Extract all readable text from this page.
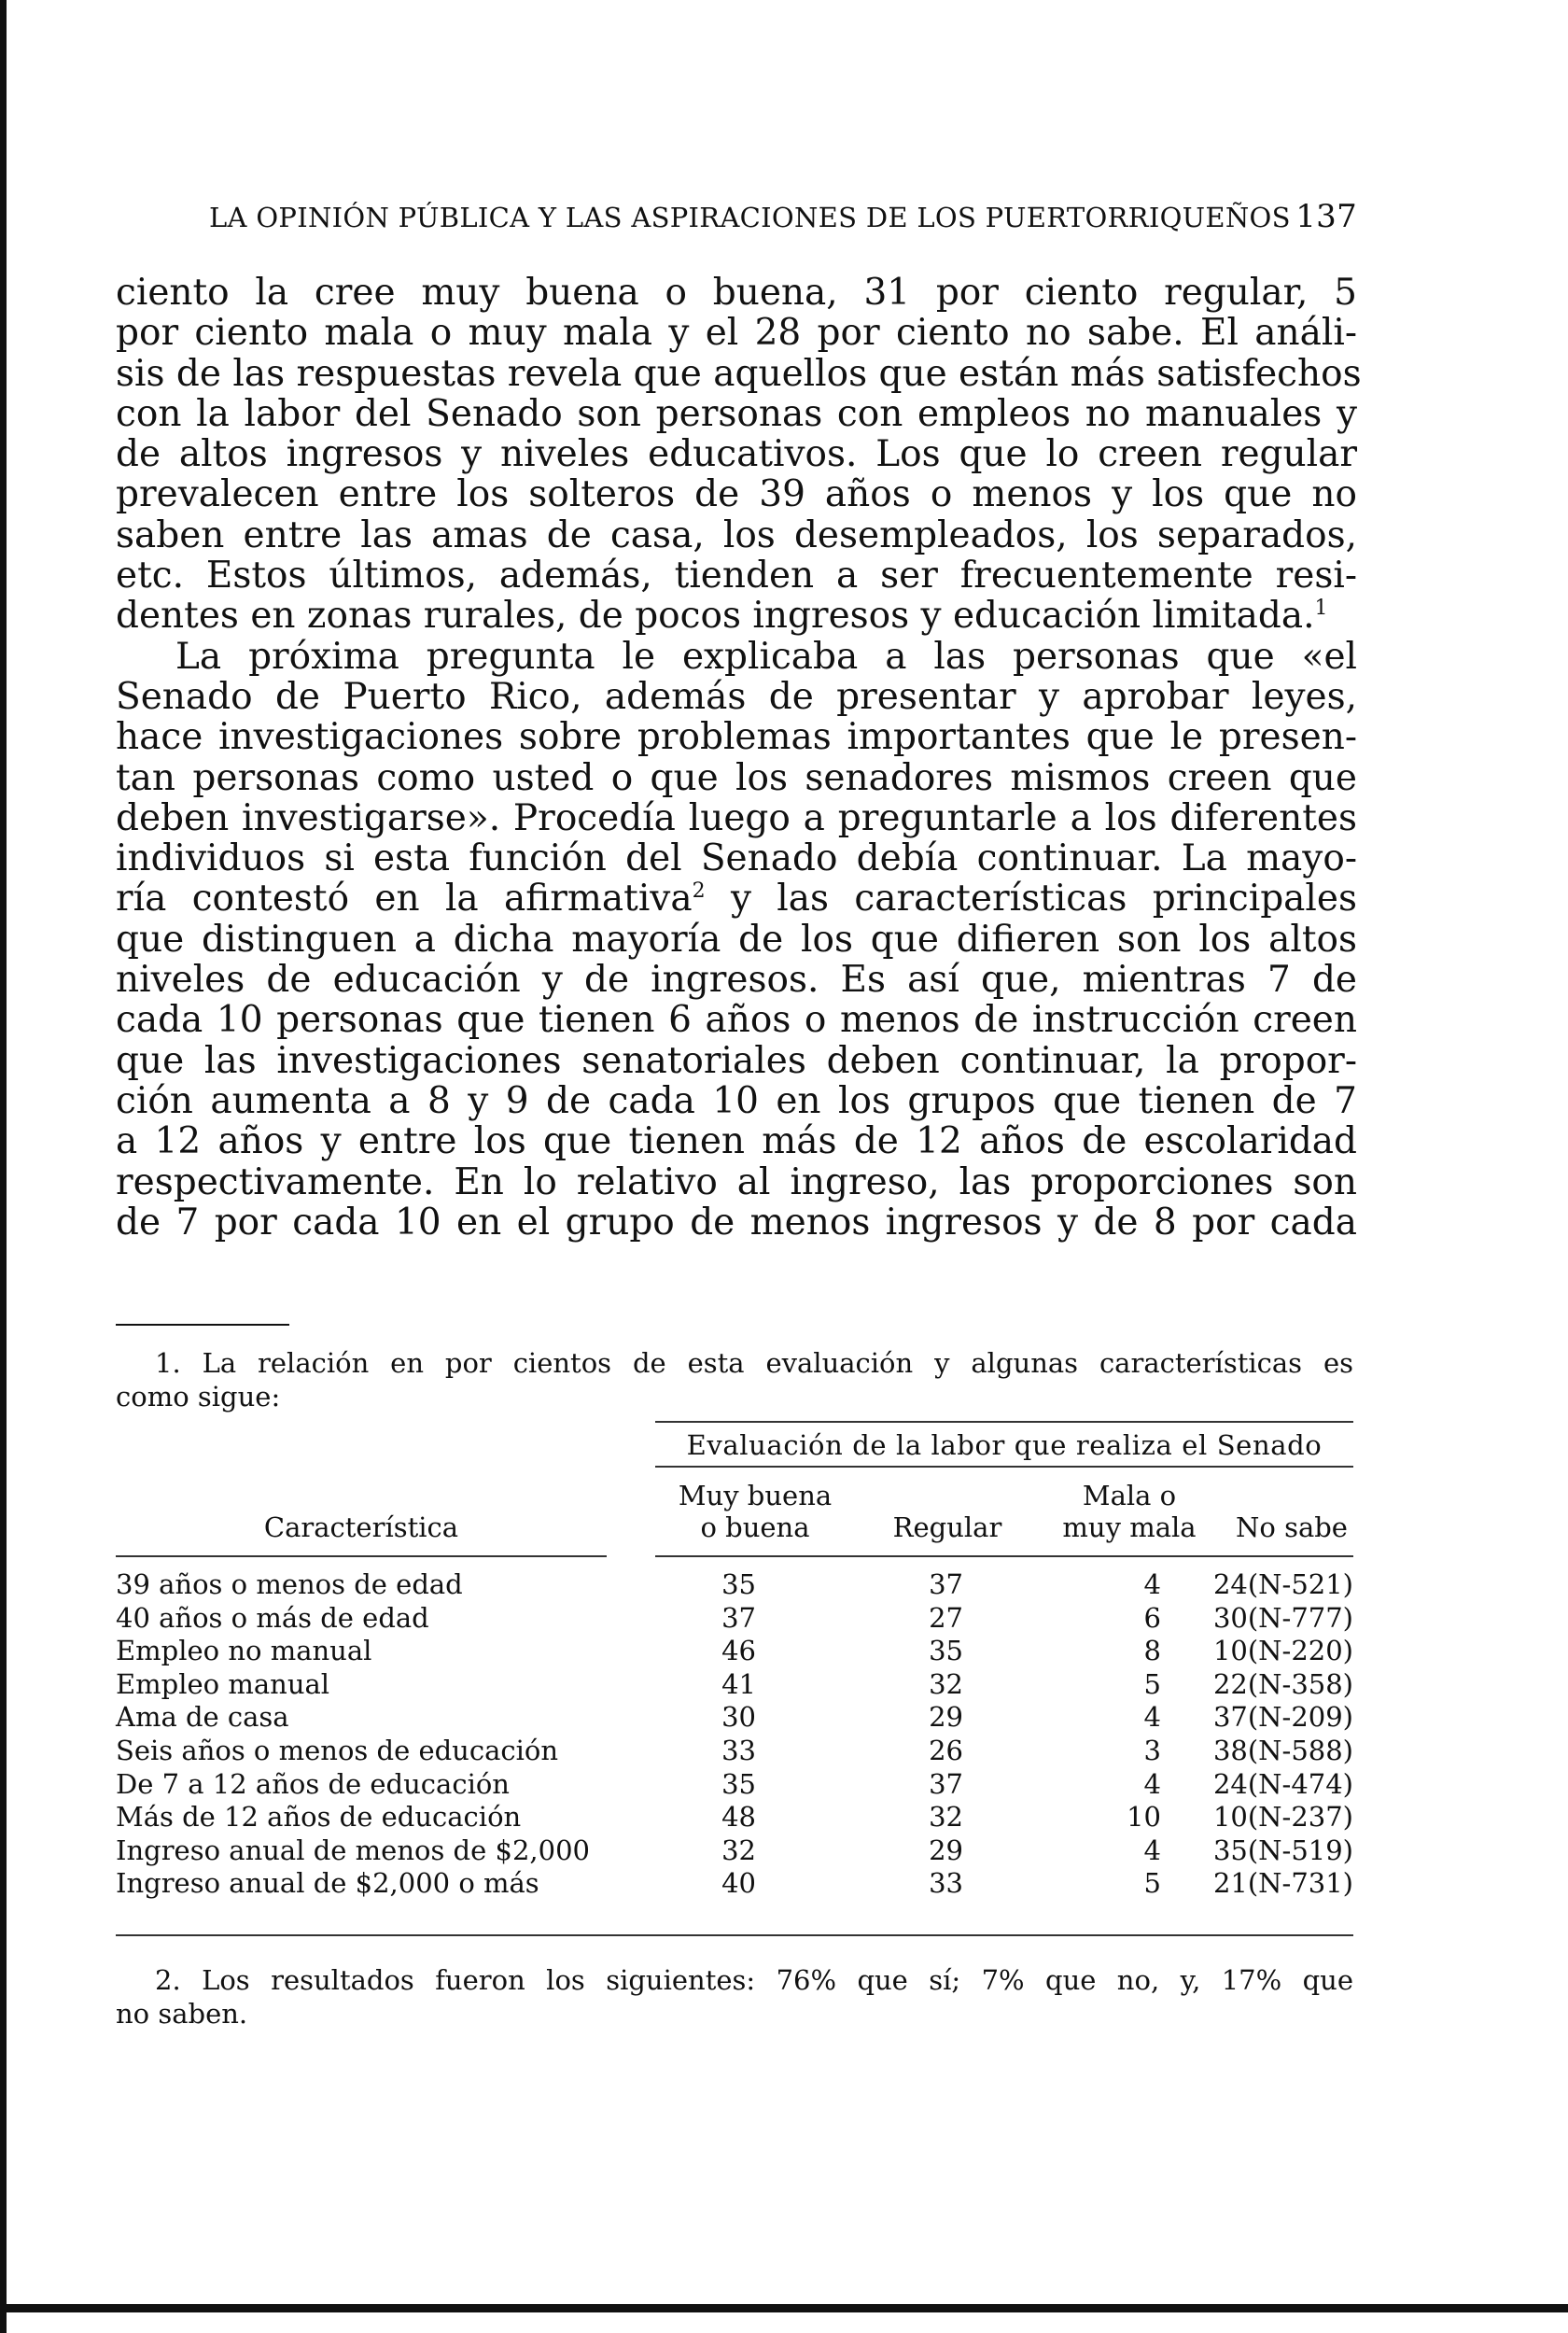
LA OPINIÓN PÚBLICA Y LAS ASPIRACIONES DE LOS PUERTORRIQUEÑOS 137
ciento la cree muy buena o buena, 31 por ciento regular, 5
por ciento mala o muy mala y el 28 por ciento no sabe. El análi-
sis de las respuestas revela que aquellos que están más satisfechos
con la labor del Senado son personas con empleos no manuales y
de altos ingresos y niveles educativos. Los que lo creen regular
prevalecen entre los solteros de 39 años o menos y los que no
saben entre las amas de casa, los desempleados, los separados,
etc. Estos últimos, además, tienden a ser frecuentemente resi-
dentes en zonas rurales, de pocos ingresos y educación limitada.$^1$
La próxima pregunta le explicaba a las personas que «el
Senado de Puerto Rico, además de presentar y aprobar leyes,
hace investigaciones sobre problemas importantes que le presen-
tan personas como usted o que los senadores mismos creen que
deben investigarse». Procedía luego a preguntarle a los diferentes
individuos si esta función del Senado debía continuar. La mayo-
ría contestó en la afirmativa$^2$ y las características principales
que distinguen a dicha mayoría de los que difieren son los altos
niveles de educación y de ingresos. Es así que, mientras 7 de
cada 10 personas que tienen 6 años o menos de instrucción creen
que las investigaciones senatoriales deben continuar, la propor-
ción aumenta a 8 y 9 de cada 10 en los grupos que tienen de 7
a 12 años y entre los que tienen más de 12 años de escolaridad
respectivamente. En lo relativo al ingreso, las proporciones son
de 7 por cada 10 en el grupo de menos ingresos y de 8 por cada
1. La relación en por cientos de esta evaluación y algunas características es
como sigue:
Evaluación de la labor que realiza el Senado
Muy buena	Mala o
Característica	o buena	Regular	muy mala	No sabe
39 años o menos de edad	35	37	4 24(N-521)
40 años o más de edad	37	27	6 30(N-777)
Empleo no manual	46	35	8 10(N-220)
Empleo manual	41	32	5 22(N-358)
Ama de casa	30	29	4 37(N-209)
Seis años o menos de educación	33	26	3 38(N-588)
De 7 a 12 años de educación	35	37	4 24(N-474)
Más de 12 años de educación	48	32	10 10(N-237)
Ingreso anual de menos de $2,000	32	29	4 35(N-519)
Ingreso anual de $2,000 o más	40	33	5 21(N-731)
2. Los resultados fueron los siguientes: 76% que sí; 7% que no, y, 17% que
no saben.
